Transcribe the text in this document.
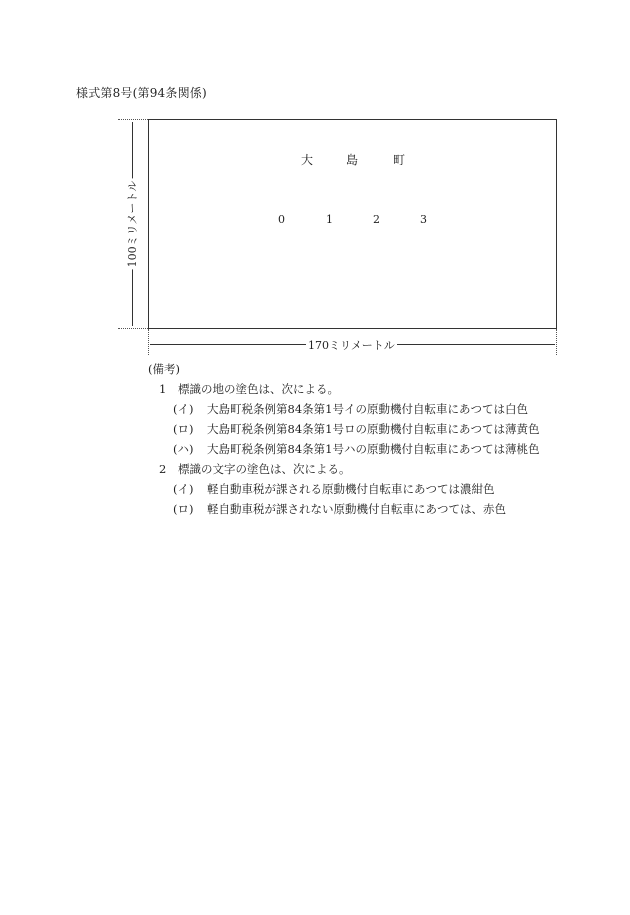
様式第8号(第94条関係)
大	島	町
0	1	2	3
100ミリメートル
170ミリメートル
(備考)
1 標識の地の塗色は、次による。
(イ) 大島町税条例第84条第1号イの原動機付自転車にあつては白色
(ロ) 大島町税条例第84条第1号ロの原動機付自転車にあつては薄黄色
(ハ) 大島町税条例第84条第1号ハの原動機付自転車にあつては薄桃色
2 標識の文字の塗色は、次による。
(イ) 軽自動車税が課される原動機付自転車にあつては濃紺色
(ロ) 軽自動車税が課されない原動機付自転車にあつては、赤色
